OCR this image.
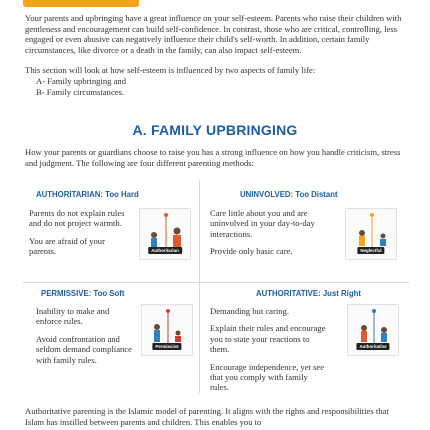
Your parents and upbringing have a great influence on your self-esteem. Parents who raise their children with gentleness and encouragement can build self-confidence. In contrast, those who are critical, controlling, less engaged or even abusive can negatively influence their child's self-worth. In addition, certain family circumstances, like divorce or a death in the family, can also impact self-esteem.

This section will look at how self-esteem is influenced by two aspects of family life:

A- Family upbringing and
B- Family circumstances.
A. FAMILY UPBRINGING
How your parents or guardians choose to raise you has a strong influence on how you handle criticism, stress and judgment. The following are four different parenting methods:
AUTHORITARIAN: Too Hard

Parents do not explain rules and do not project warmth.

You are afraid of your parents.	Authoritarian
UNINVOLVED: Too Distant

Care little about you and are uninvolved in your day-to-day interactions.

Provide only basic care.	Neglectful
PERMISSIVE: Too Soft

Inability to make and enforce rules.

Avoid confrontation and seldom demand compliance with family rules.

Permissive
AUTHORITATIVE: Just Right

Demanding but caring.

Explain their rules and encourage you to state your reactions to them.

Encourage independence, yet see that you comply with family rules.

Authoritative
Authoritative parenting is the Islamic model of parenting. It aligns with the rights and responsibilities that Islam has instilled between parents and children. This enables you to
